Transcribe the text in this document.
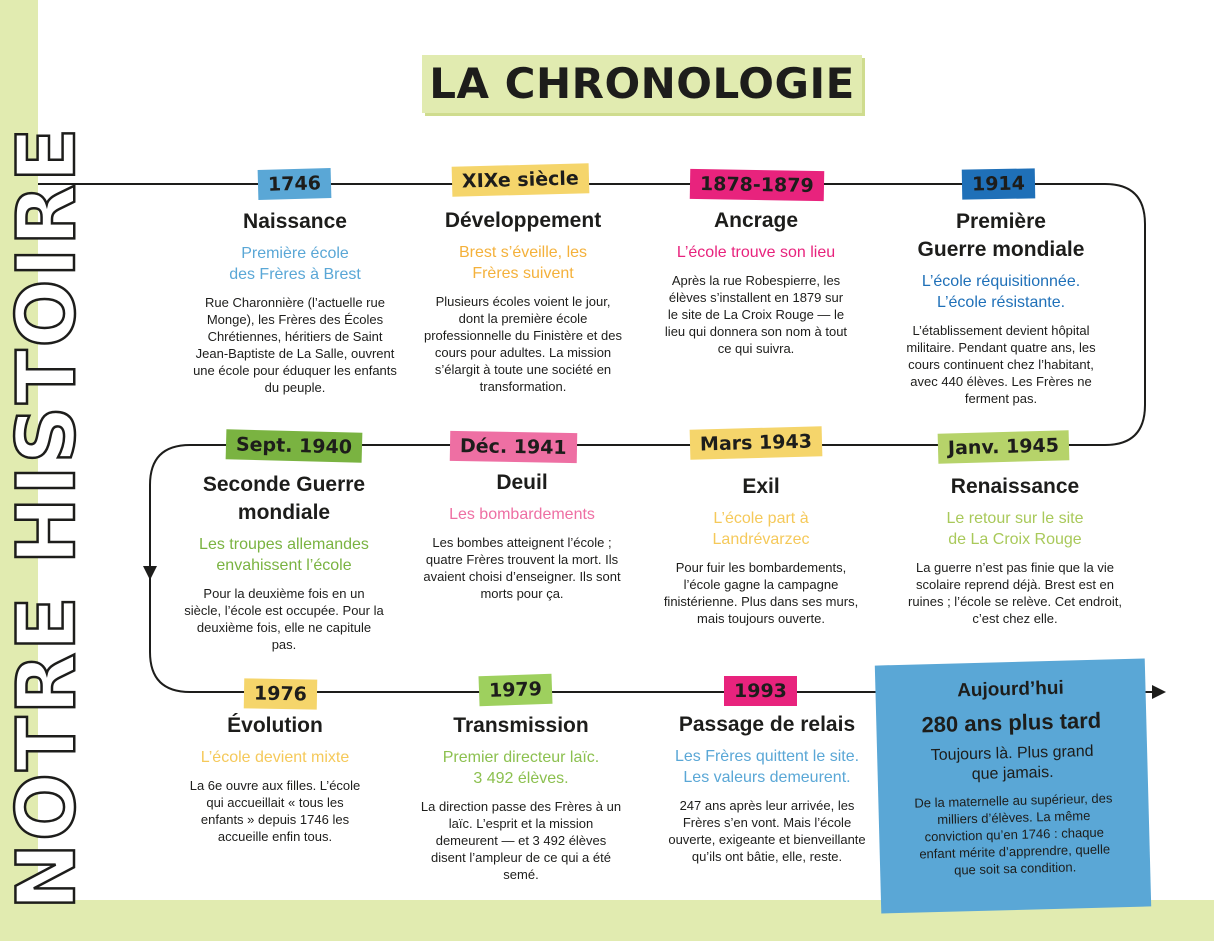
NOTRE HISTOIRE
LA CHRONOLOGIE
Naissance
Première école
des Frères à Brest
Rue Charonnière (l’actuelle rue Monge), les Frères des Écoles Chrétiennes, héritiers de Saint Jean-Baptiste de La Salle, ouvrent une école pour éduquer les enfants du peuple.
1746
Développement
Brest s’éveille, les Frères suivent
Plusieurs écoles voient le jour, dont la première école professionnelle du Finistère et des cours pour adultes. La mission s’élargit à toute une société en transformation.
XIXe siècle
Ancrage
L’école trouve son lieu
Après la rue Robespierre, les élèves s’installent en 1879 sur le site de La Croix Rouge — le lieu qui donnera son nom à tout ce qui suivra.
1878-1879
Première
Guerre mondiale
L’école réquisitionnée.
L’école résistante.
L’établissement devient hôpital militaire. Pendant quatre ans, les cours continuent chez l’habitant, avec 440 élèves. Les Frères ne ferment pas.
1914
Seconde Guerre
mondiale
Les troupes allemandes
envahissent l’école
Pour la deuxième fois en un siècle, l’école est occupée. Pour la deuxième fois, elle ne capitule pas.
Sept. 1940
Deuil
Les bombardements
Les bombes atteignent l’école ; quatre Frères trouvent la mort. Ils avaient choisi d’enseigner. Ils sont morts pour ça.
Déc. 1941
Exil
L’école part à
Landrévarzec
Pour fuir les bombardements, l’école gagne la campagne finistérienne. Plus dans ses murs, mais toujours ouverte.
Mars 1943
Renaissance
Le retour sur le site
de La Croix Rouge
La guerre n’est pas finie que la vie scolaire reprend déjà. Brest est en ruines ; l’école se relève. Cet endroit, c’est chez elle.
Janv. 1945
Évolution
L’école devient mixte
La 6e ouvre aux filles. L’école qui accueillait « tous les enfants » depuis 1746 les accueille enfin tous.
1976
Transmission
Premier directeur laïc.
3 492 élèves.
La direction passe des Frères à un laïc. L’esprit et la mission demeurent — et 3 492 élèves disent l’ampleur de ce qui a été semé.
1979
Passage de relais
Les Frères quittent le site.
Les valeurs demeurent.
247 ans après leur arrivée, les Frères s’en vont. Mais l’école ouverte, exigeante et bienveillante qu’ils ont bâtie, elle, reste.
1993	Aujourd’hui
280 ans plus tard
Toujours là. Plus grand que jamais.
De la maternelle au supérieur, des milliers d’élèves. La même conviction qu’en 1746 : chaque enfant mérite d’apprendre, quelle que soit sa condition.
